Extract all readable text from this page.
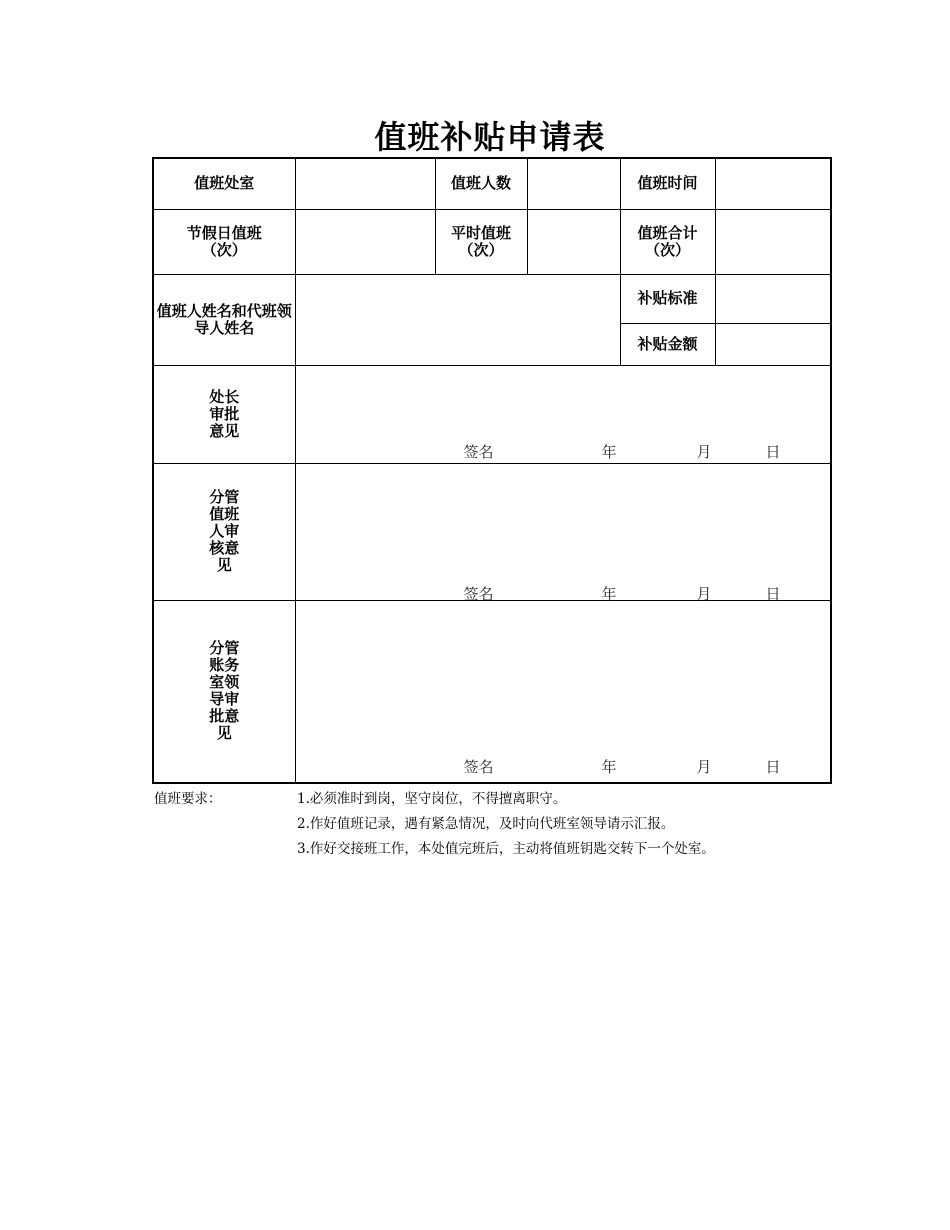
值班补贴申请表
值班处室		值班人数		值班时间	

节假日值班（次）		平时值班（次）		值班合计（次）	

值班人姓名和代班领导人姓名				补贴标准	
				补贴金额	

处长审批意见	签名 年 月 日				

分管值班人审核意见	签名 年 月 日				

分管账务室领导审批意见	签名 年 月 日				
值班要求：	1.必须准时到岗，坚守岗位，不得擅离职守。
2.作好值班记录，遇有紧急情况，及时向代班室领导请示汇报。
3.作好交接班工作，本处值完班后，主动将值班钥匙交转下一个处室。
